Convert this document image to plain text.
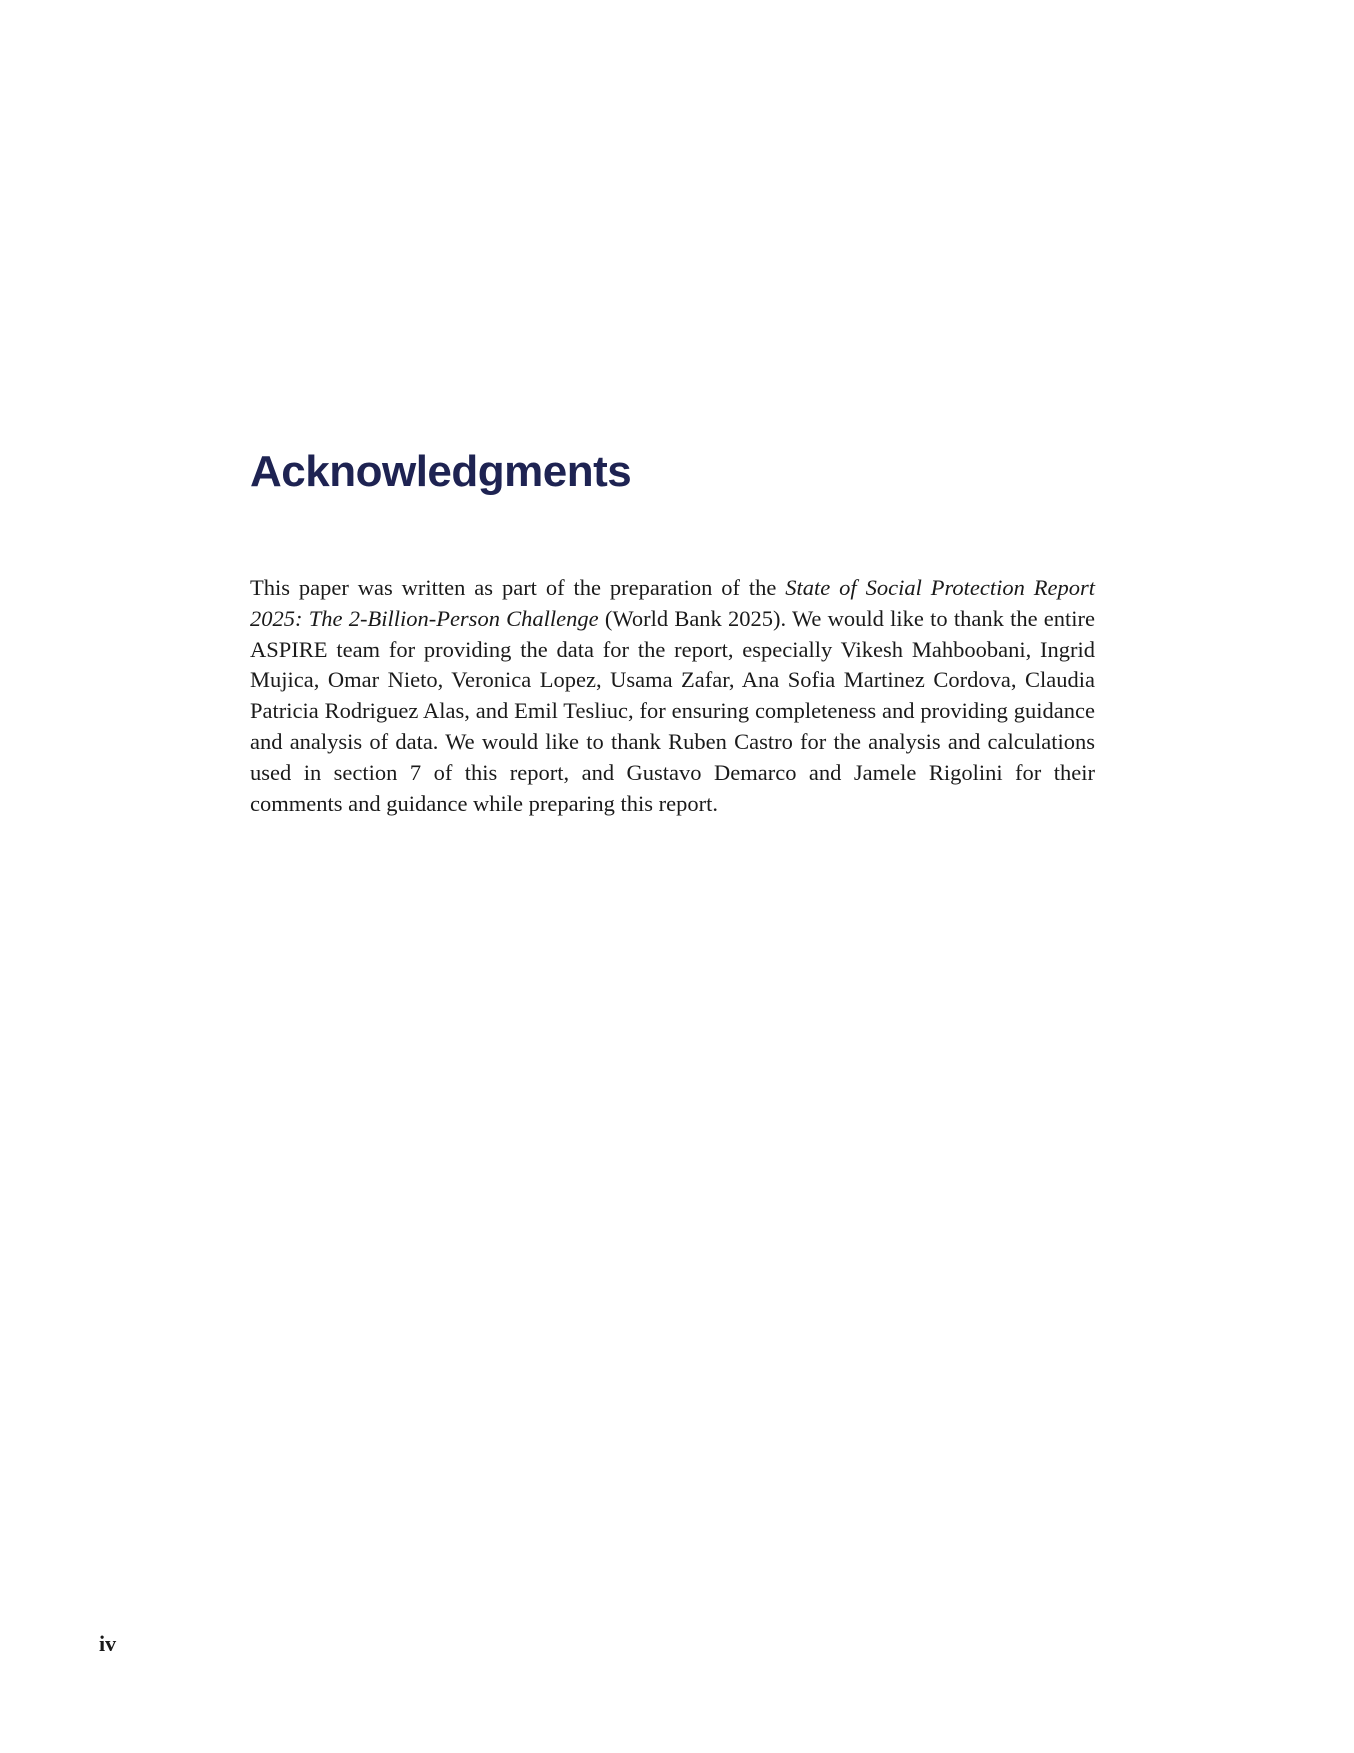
Acknowledgments

This paper was written as part of the preparation of the State of Social Protection Report 2025: The 2-Billion-Person Challenge (World Bank 2025). We would like to thank the entire ASPIRE team for providing the data for the report, especially Vikesh Mahboobani, Ingrid Mujica, Omar Nieto, Veronica Lopez, Usama Zafar, Ana Sofia Martinez Cordova, Claudia Patricia Rodriguez Alas, and Emil Tesliuc, for ensuring completeness and providing guidance and analysis of data. We would like to thank Ruben Castro for the analysis and calculations used in section 7 of this report, and Gustavo Demarco and Jamele Rigolini for their comments and guidance while preparing this report.

iv
